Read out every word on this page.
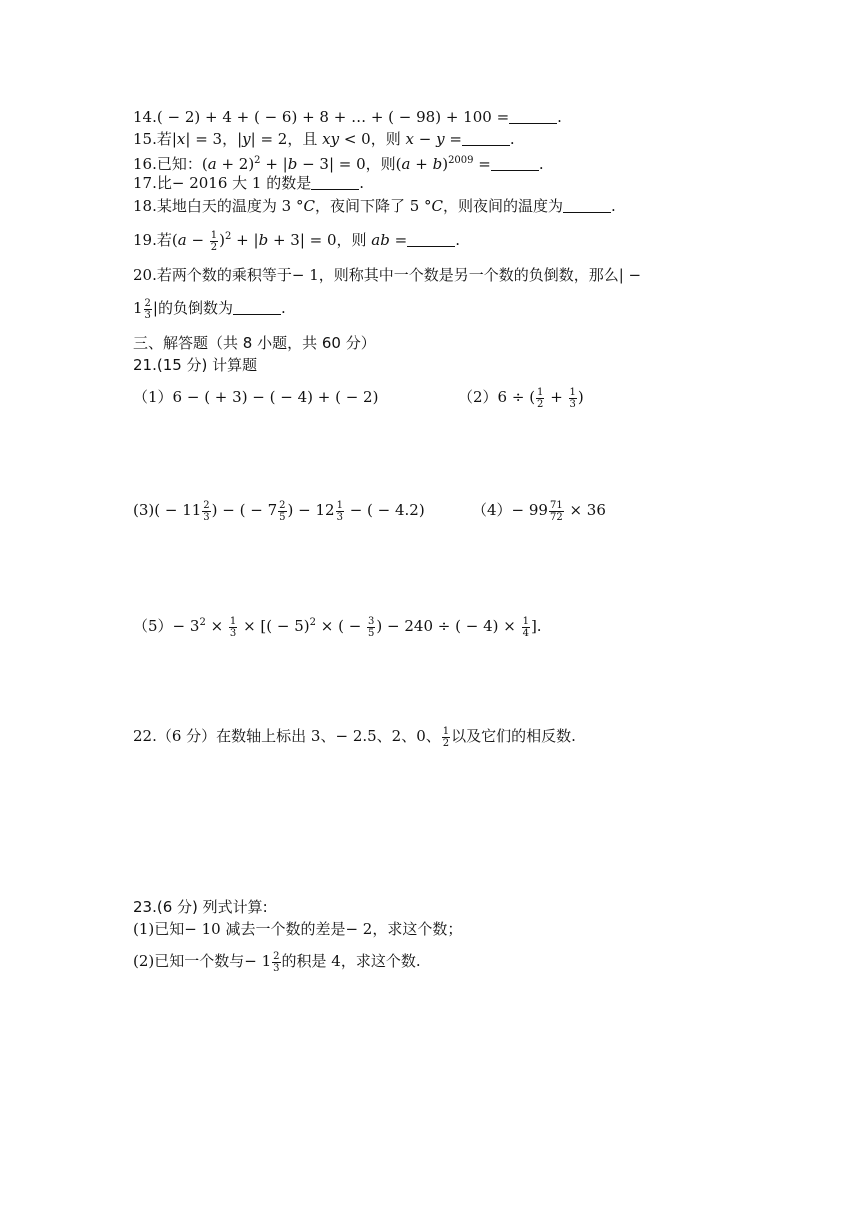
14.( − 2) + 4 + ( − 6) + 8 + … + ( − 98) + 100 =	.
15.若|x| = 3，|y| = 2，且 xy < 0，则 x − y =	.
16.已知：$(a + 2)^2 + |b - 3| = 0$，则$(a + b)^{2009}$ =	.
17.比− 2016 大 1 的数是	.
18.某地白天的温度为 3 °C，夜间下降了 5 °C，则夜间的温度为	.
19.若$(a - \frac{1}{2} )^2 + |b + 3| = 0$，则 ab =	.
20.若两个数的乘积等于− 1，则称其中一个数是另一个数的负倒数，那么| −
$1 \frac{2}{3}$ |的负倒数为	.
三、解答题（共 8 小题，共 60 分）
21.(15 分) 计算题
（1）6 − ( + 3) − ( − 4) + ( − 2)	（2）6 ÷ ( $\frac{1}{2} + \frac{1}{3}$ )
$(3)( - 11 \frac{2}{3}$ ) − ( − $7 \frac{2}{5}$ ) − $12 \frac{1}{3}$ − ( − 4.2)	$(4)- 99 \frac{71}{72} \times 36$
$(5)- 3^2 \times \frac{1}{3}$ × [( − 5)$^2$ × ( − $\frac{3}{5}$ ) − 240 ÷ ( − $4) \times \frac{1}{4}$ ].
22.（6 分）在数轴上标出 3、− 2.5、2、0、 $\frac{1}{2}$ 以及它们的相反数.
23.(6 分) 列式计算:
(1)已知− 10 减去一个数的差是− 2，求这个数；
(2)已知一个数与− $1 \frac{2}{3}$ 的积是 4，求这个数.
